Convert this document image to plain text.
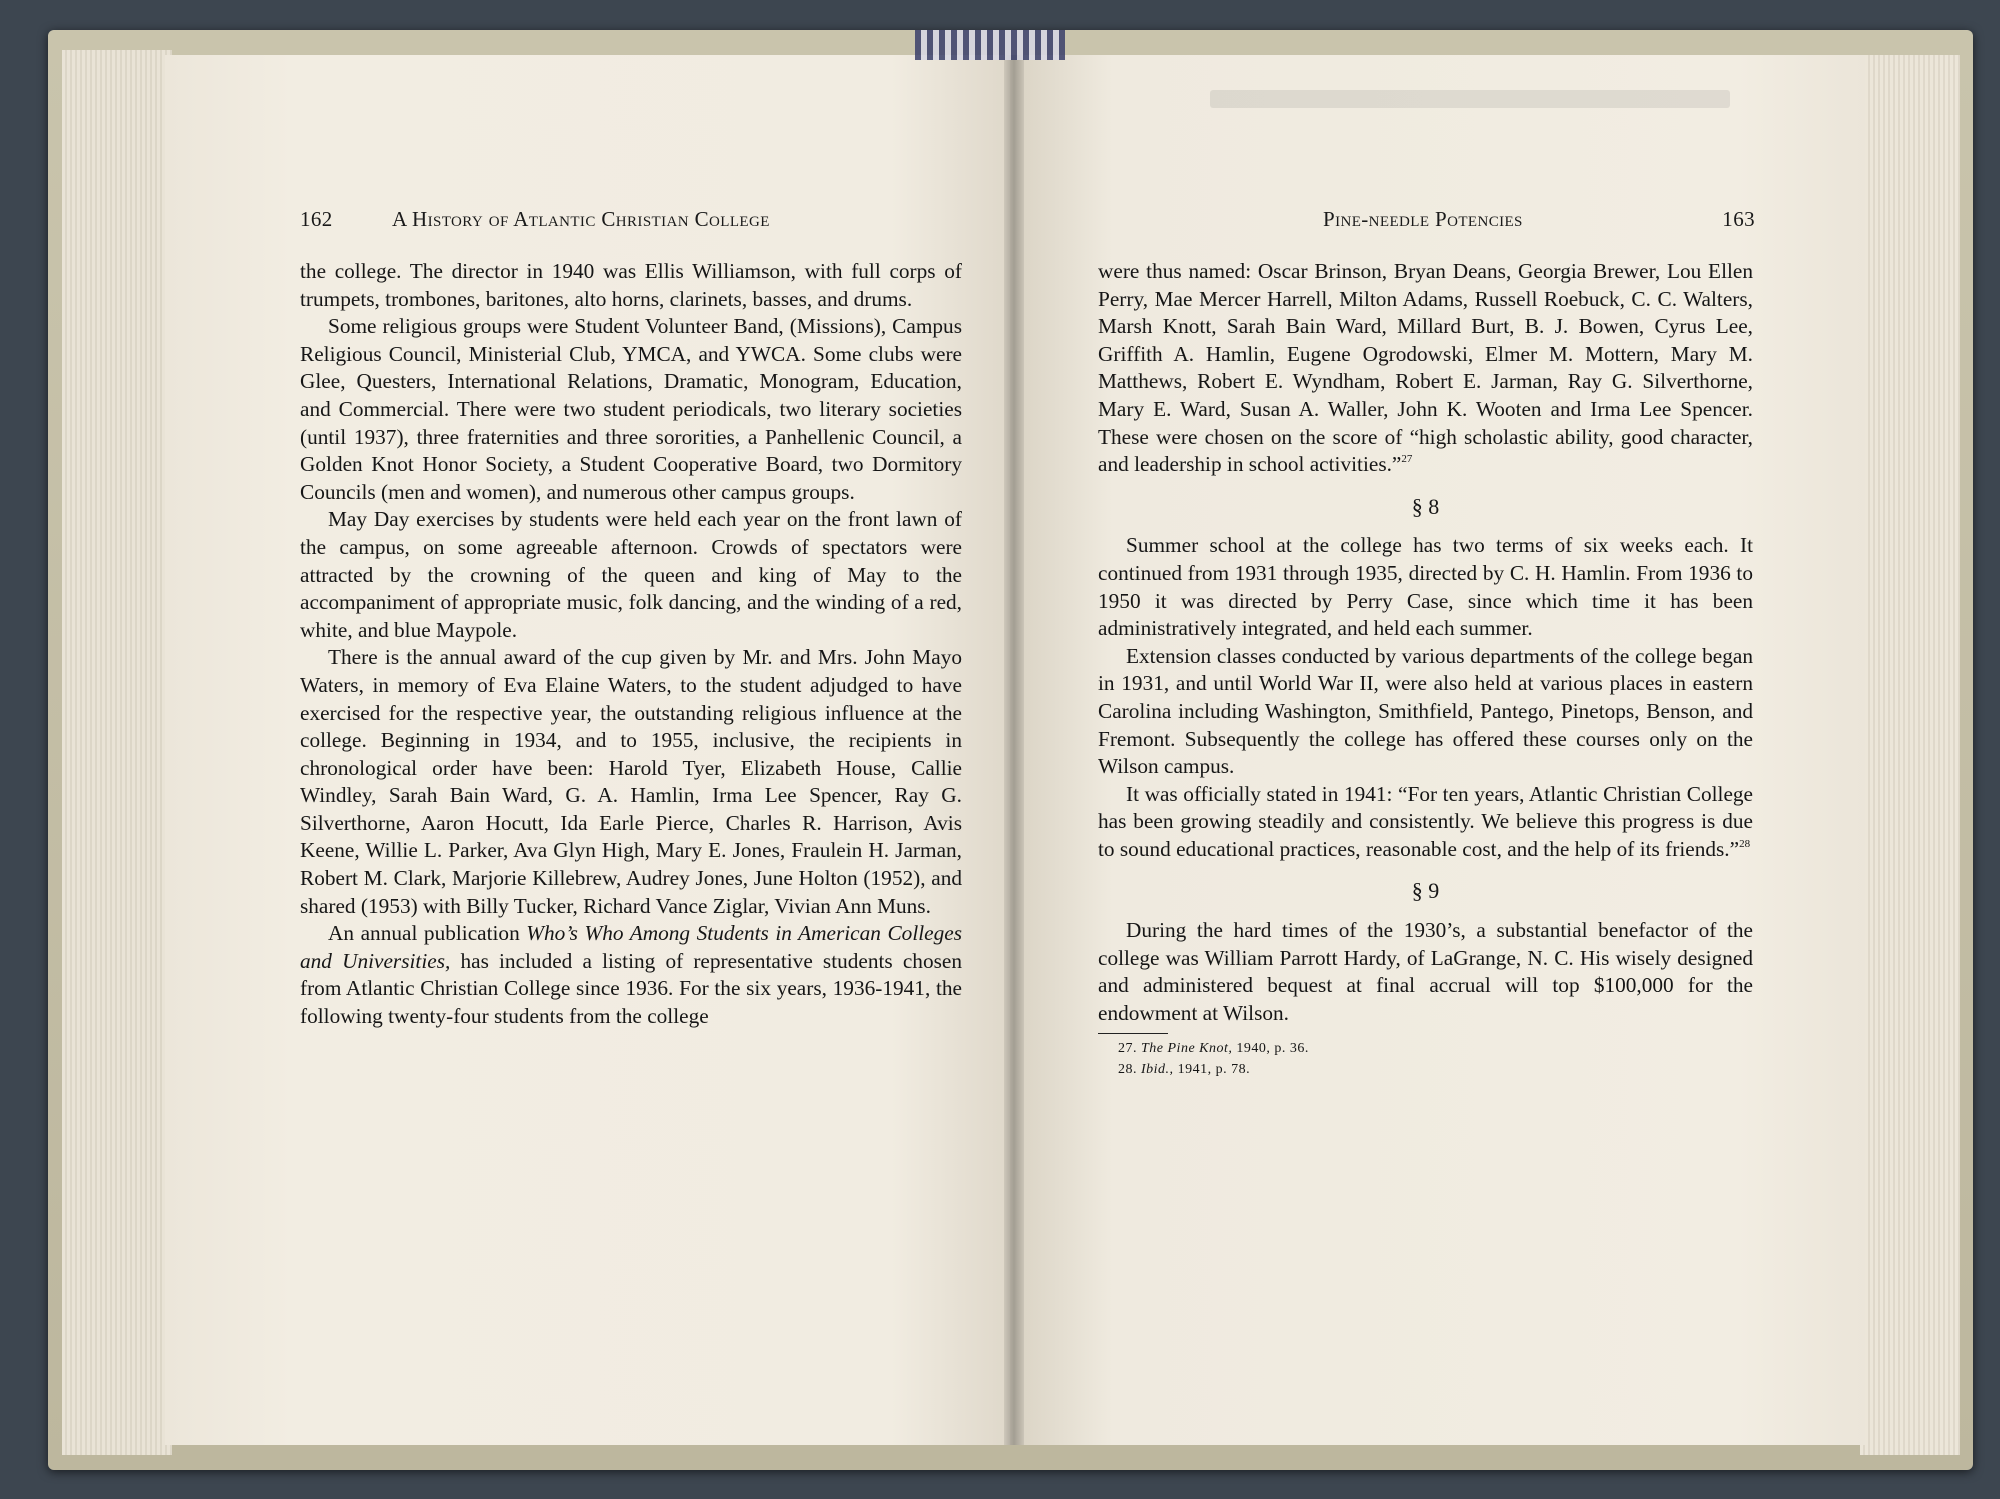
162	A History of Atlantic Christian College	Pine-needle Potencies	163

the college. The director in 1940 was Ellis Williamson, with full corps of trumpets, trombones, baritones, alto horns, clarinets, basses, and drums.

Some religious groups were Student Volunteer Band, (Missions), Campus Religious Council, Ministerial Club, YMCA, and YWCA. Some clubs were Glee, Questers, International Relations, Dramatic, Monogram, Education, and Commercial. There were two student periodicals, two literary societies (until 1937), three fraternities and three sororities, a Panhellenic Council, a Golden Knot Honor Society, a Student Cooperative Board, two Dormitory Councils (men and women), and numerous other campus groups.

May Day exercises by students were held each year on the front lawn of the campus, on some agreeable afternoon. Crowds of spectators were attracted by the crowning of the queen and king of May to the accompaniment of appropriate music, folk dancing, and the winding of a red, white, and blue Maypole.

There is the annual award of the cup given by Mr. and Mrs. John Mayo Waters, in memory of Eva Elaine Waters, to the student adjudged to have exercised for the respective year, the outstanding religious influence at the college. Beginning in 1934, and to 1955, inclusive, the recipients in chronological order have been: Harold Tyer, Elizabeth House, Callie Windley, Sarah Bain Ward, G. A. Hamlin, Irma Lee Spencer, Ray G. Silverthorne, Aaron Hocutt, Ida Earle Pierce, Charles R. Harrison, Avis Keene, Willie L. Parker, Ava Glyn High, Mary E. Jones, Fraulein H. Jarman, Robert M. Clark, Marjorie Killebrew, Audrey Jones, June Holton (1952), and shared (1953) with Billy Tucker, Richard Vance Ziglar, Vivian Ann Muns.

An annual publication Who’s Who Among Students in American Colleges and Universities, has included a listing of representative students chosen from Atlantic Christian College since 1936. For the six years, 1936-1941, the following twenty-four students from the college

were thus named: Oscar Brinson, Bryan Deans, Georgia Brewer, Lou Ellen Perry, Mae Mercer Harrell, Milton Adams, Russell Roebuck, C. C. Walters, Marsh Knott, Sarah Bain Ward, Millard Burt, B. J. Bowen, Cyrus Lee, Griffith A. Hamlin, Eugene Ogrodowski, Elmer M. Mottern, Mary M. Matthews, Robert E. Wyndham, Robert E. Jarman, Ray G. Silverthorne, Mary E. Ward, Susan A. Waller, John K. Wooten and Irma Lee Spencer. These were chosen on the score of “high scholastic ability, good character, and leadership in school activities.”$^{27}$

§ 8

Summer school at the college has two terms of six weeks each. It continued from 1931 through 1935, directed by C. H. Hamlin. From 1936 to 1950 it was directed by Perry Case, since which time it has been administratively integrated, and held each summer.

Extension classes conducted by various departments of the college began in 1931, and until World War II, were also held at various places in eastern Carolina including Washington, Smithfield, Pantego, Pinetops, Benson, and Fremont. Subsequently the college has offered these courses only on the Wilson campus.

It was officially stated in 1941: “For ten years, Atlantic Christian College has been growing steadily and consistently. We believe this progress is due to sound educational practices, reasonable cost, and the help of its friends.”$^{28}$

§ 9

During the hard times of the 1930’s, a substantial benefactor of the college was William Parrott Hardy, of LaGrange, N. C. His wisely designed and administered bequest at final accrual will top $100,000 for the endowment at Wilson.

27. The Pine Knot, 1940, p. 36.
28. Ibid., 1941, p. 78.
